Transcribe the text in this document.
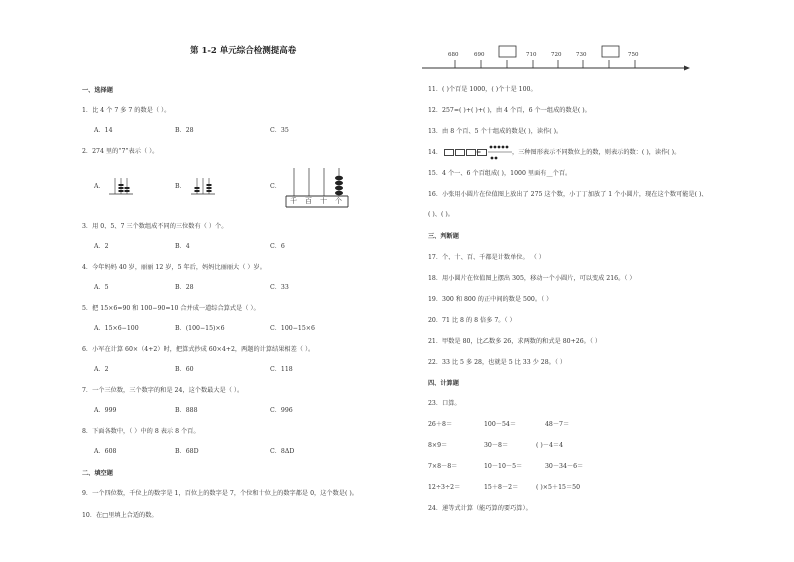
第 1-2 单元综合检测提高卷
一、选择题
1．比 4 个 7 多 7 的数是（ ）。
A．14	B．28	C．35
2．274 里的“7”表示（ ）。
A．	B．	C．
千 百 十 个
3．用 0、5、7 三个数组成不同的三位数有（ ）个。
A．2	B．4	C．6
4．今年妈妈 40 岁，丽丽 12 岁，5 年后，妈妈比丽丽大（ ）岁。
A．5	B．28	C．33
5．把 15×6=90 和 100−90=10 合并成一道综合算式是（ ）。
A．15×6−100	B．(100−15)×6	C．100−15×6
6．小军在计算 60×（4+2）时，把算式抄成 60×4+2，两题的计算结果相差（ ）。
A．2	B．60	C．118
7．一个三位数，三个数字的和是 24，这个数最大是（ ）。
A．999	B．888	C．996
8．下面各数中，（ ）中的 8 表示 8 个百。
A．608	B．68D	C．8ΔD
二、填空题
9．一个四位数，千位上的数字是 1，百位上的数字是 7，个位和十位上的数字都是 0，这个数是( )。
10．在□里填上合适的数。
680	690	710	720	730	750
11．( )个百是 1000，( )个十是 100。
12．257=( )+( )+( )，由 4 个百，6 个一组成的数是( )。
13．由 8 个百、5 个十组成的数是( )，读作( )。
14．	=	，三种图形表示不同数位上的数，则表示的数：( )，读作( )。
15．4 个一、6 个百组成( )，1000 里面有__个百。
16．小张用小圆片在位值图上放出了 275 这个数，小丁丁加放了 1 个小圆片，现在这个数可能是( )、
( )、( )。
三、判断题
17．个、十、百、千都是计数单位。 （ ）
18．用小圆片在位值图上摆出 305，移动一个小圆片，可以变成 216。（ ）
19．300 和 800 的正中间的数是 500。（ ）
20．71 比 8 的 8 倍多 7。（ ）
21．甲数是 80，比乙数多 26，求两数的和式是 80+26。（ ）
22．33 比 5 多 28，也就是 5 比 33 少 28。（ ）
四、计算题
23．口算。
26＋8＝	100－54＝	48－7＝
8×9＝	30－8＝	( )－4＝4
7×8－8＝	10－10－5＝	30－34－6＝
12÷3÷2＝	15＋8－2＝	( )×5＋15＝50
24．递等式计算（能巧算的要巧算）。
